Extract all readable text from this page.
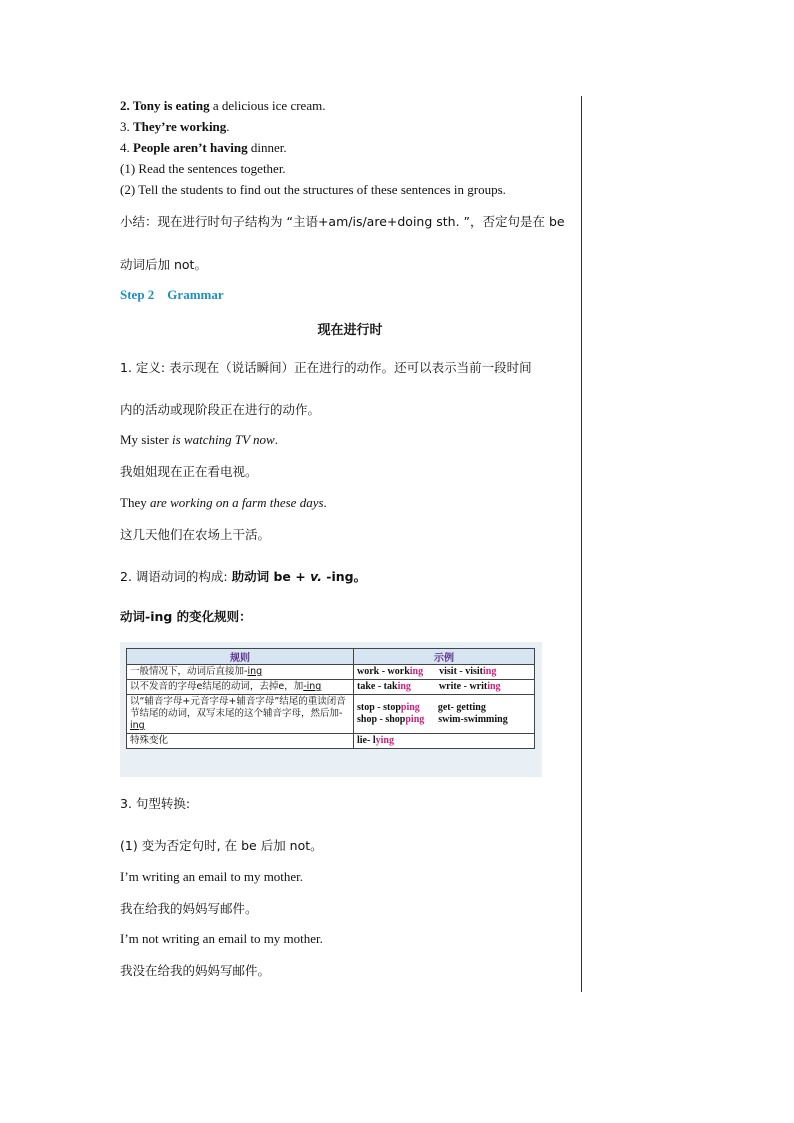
2. Tony is eating a delicious ice cream.
3. They’re working.
4. People aren’t having dinner.
(1) Read the sentences together.
(2) Tell the students to find out the structures of these sentences in groups.
小结：现在进行时句子结构为 “主语+am/is/are+doing sth. ”，否定句是在 be
动词后加 not。
Step 2　Grammar
现在进行时
1. 定义: 表示现在（说话瞬间）正在进行的动作。还可以表示当前一段时间
内的活动或现阶段正在进行的动作。
My sister is watching TV now.
我姐姐现在正在看电视。
They are working on a farm these days.
这几天他们在农场上干活。
2. 调语动词的构成: 助动词 be + v. -ing。
动词-ing 的变化规则：
规则	示例
一般情况下，动词后直接加-ing	work - working visit - visiting
以不发音的字母e结尾的动词，去掉e，加-ing	take - taking write - writing
以“辅音字母+元音字母+辅音字母”结尾的重读闭音节结尾的动词，双写末尾的这个辅音字母，然后加-ing	stop - stopping get- getting
shop - shopping swim-swimming
特殊变化	lie- lying
3. 句型转换:
(1) 变为否定句时, 在 be 后加 not。
I’m writing an email to my mother.
我在给我的妈妈写邮件。
I’m not writing an email to my mother.
我没在给我的妈妈写邮件。
